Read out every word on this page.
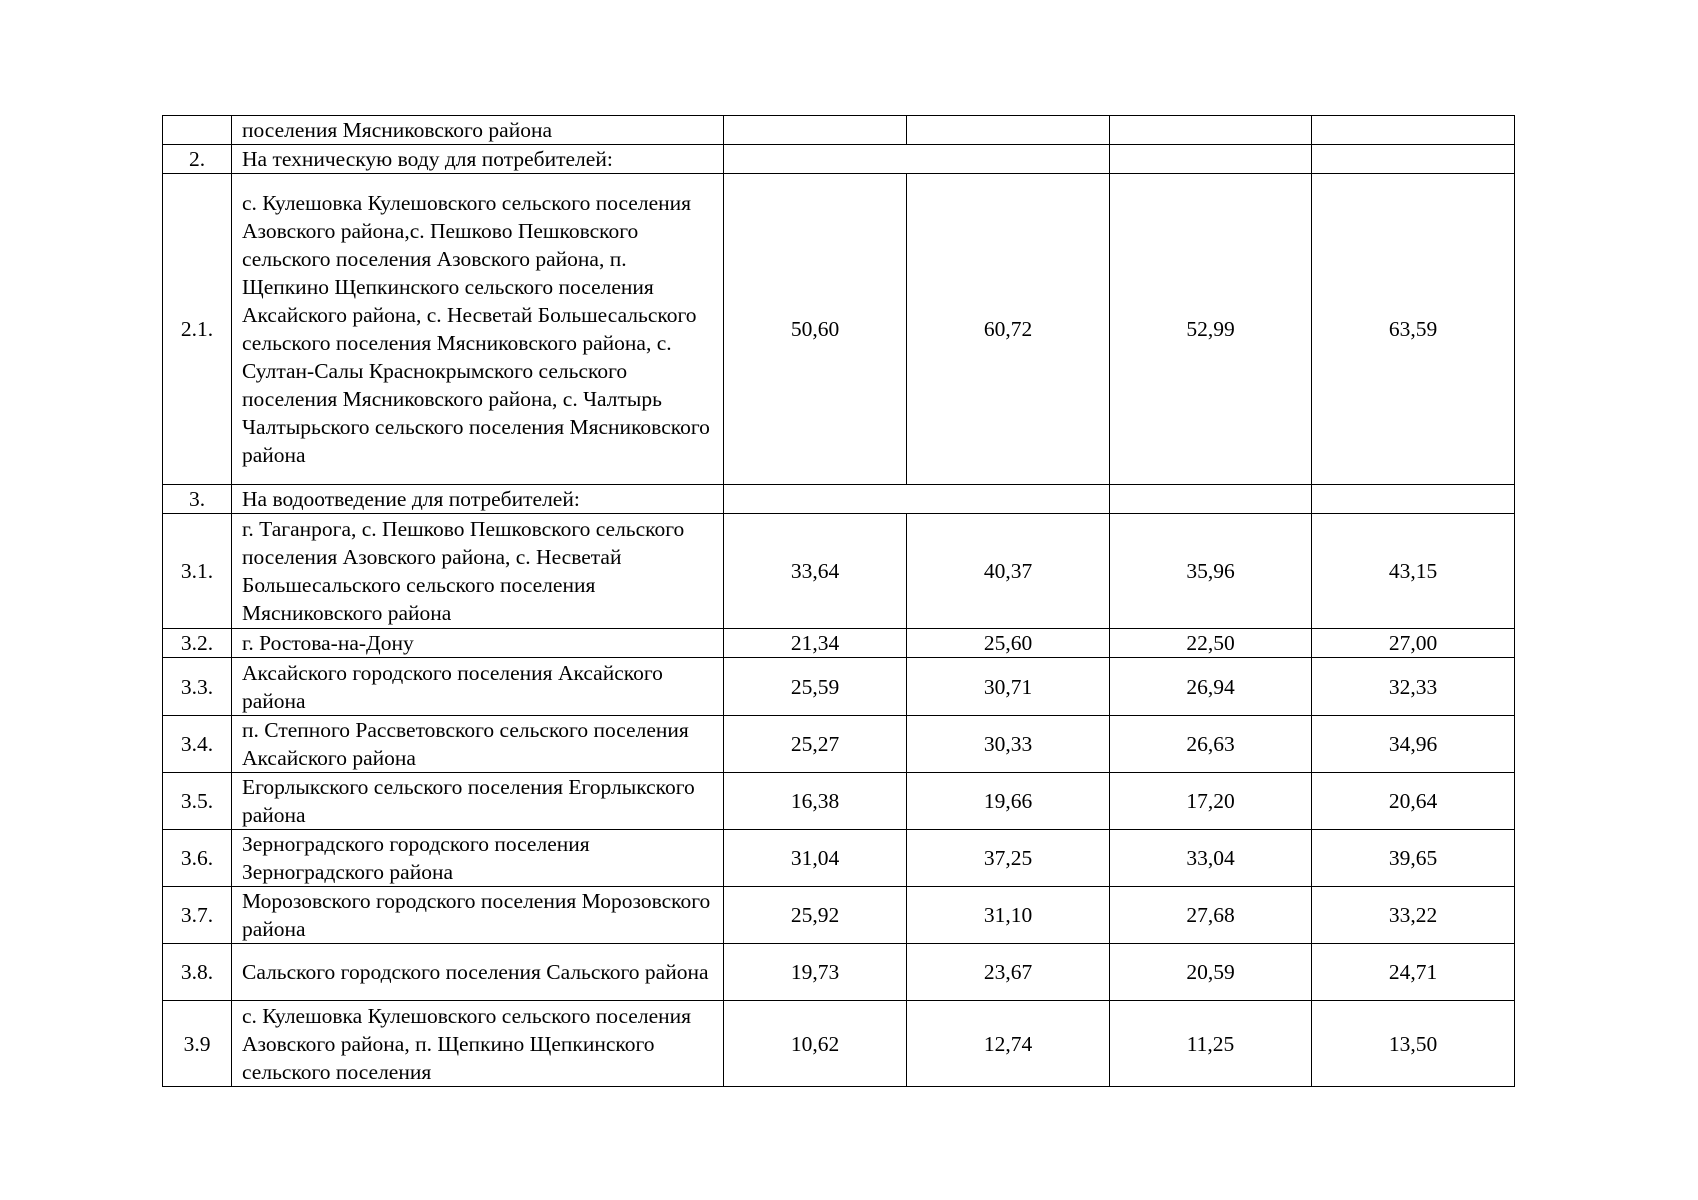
	поселения Мясниковского района				
2.	На техническую воду для потребителей:				
2.1.	с. Кулешовка Кулешовского сельского поселения Азовского района,с. Пешково Пешковского сельского поселения Азовского района, п. Щепкино Щепкинского сельского поселения Аксайского района, с. Несветай Большесальского сельского поселения Мясниковского района, с. Султан-Салы Краснокрымского сельского поселения Мясниковского района, с. Чалтырь Чалтырьского сельского поселения Мясниковского района	50,60	60,72	52,99	63,59
3.	На водоотведение для потребителей:				
3.1.	г. Таганрога, с. Пешково Пешковского сельского поселения Азовского района, с. Несветай Большесальского сельского поселения Мясниковского района	33,64	40,37	35,96	43,15
3.2.	г. Ростова-на-Дону	21,34	25,60	22,50	27,00
3.3.	Аксайского городского поселения Аксайского района	25,59	30,71	26,94	32,33
3.4.	п. Степного Рассветовского сельского поселения Аксайского района	25,27	30,33	26,63	34,96
3.5.	Егорлыкского сельского поселения Егорлыкского района	16,38	19,66	17,20	20,64
3.6.	Зерноградского городского поселения Зерноградского района	31,04	37,25	33,04	39,65
3.7.	Морозовского городского поселения Морозовского района	25,92	31,10	27,68	33,22
3.8.	Сальского городского поселения Сальского района	19,73	23,67	20,59	24,71
3.9	с. Кулешовка Кулешовского сельского поселения Азовского района, п. Щепкино Щепкинского сельского поселения	10,62	12,74	11,25	13,50
